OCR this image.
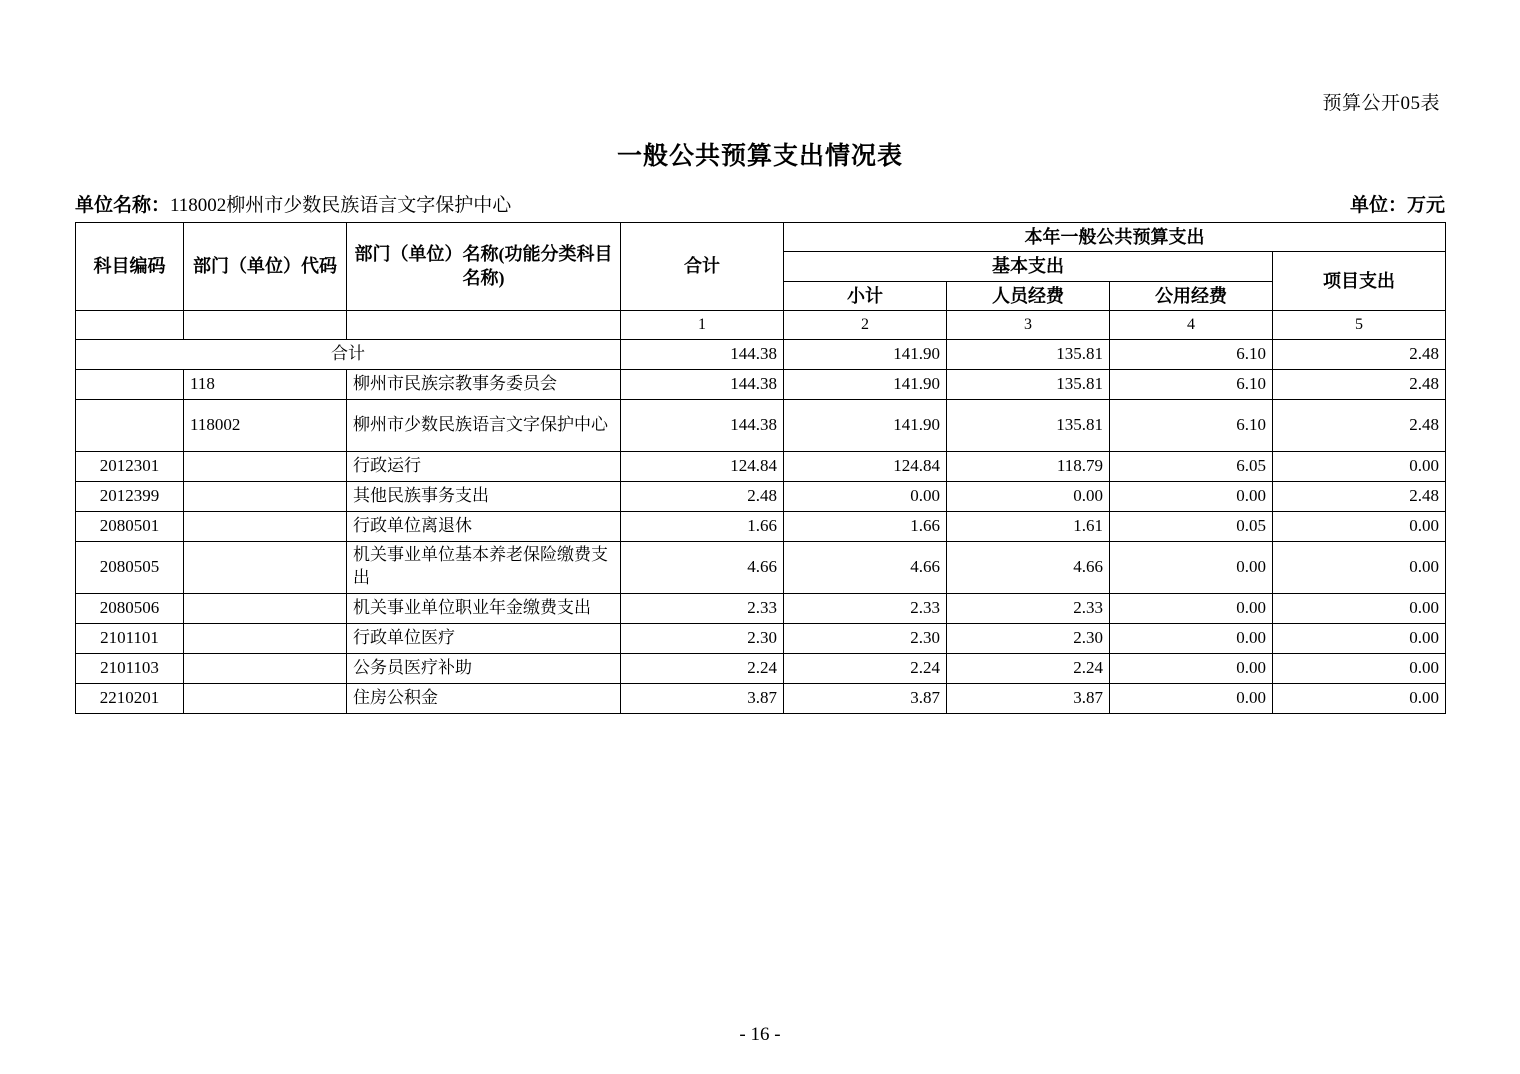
预算公开05表
一般公共预算支出情况表
单位名称：118002柳州市少数民族语言文字保护中心	单位：万元
科目编码	部门（单位）代码	部门（单位）名称(功能分类科目名称)	合计	本年一般公共预算支出			
				基本支出			项目支出
				小计	人员经费	公用经费	
			1	2	3	4	5
合计			144.38	141.90	135.81	6.10	2.48
	118	柳州市民族宗教事务委员会	144.38	141.90	135.81	6.10	2.48
	118002	柳州市少数民族语言文字保护中心	144.38	141.90	135.81	6.10	2.48
2012301		行政运行	124.84	124.84	118.79	6.05	0.00
2012399		其他民族事务支出	2.48	0.00	0.00	0.00	2.48
2080501		行政单位离退休	1.66	1.66	1.61	0.05	0.00
2080505		机关事业单位基本养老保险缴费支出	4.66	4.66	4.66	0.00	0.00
2080506		机关事业单位职业年金缴费支出	2.33	2.33	2.33	0.00	0.00
2101101		行政单位医疗	2.30	2.30	2.30	0.00	0.00
2101103		公务员医疗补助	2.24	2.24	2.24	0.00	0.00
2210201		住房公积金	3.87	3.87	3.87	0.00	0.00
- 16 -
